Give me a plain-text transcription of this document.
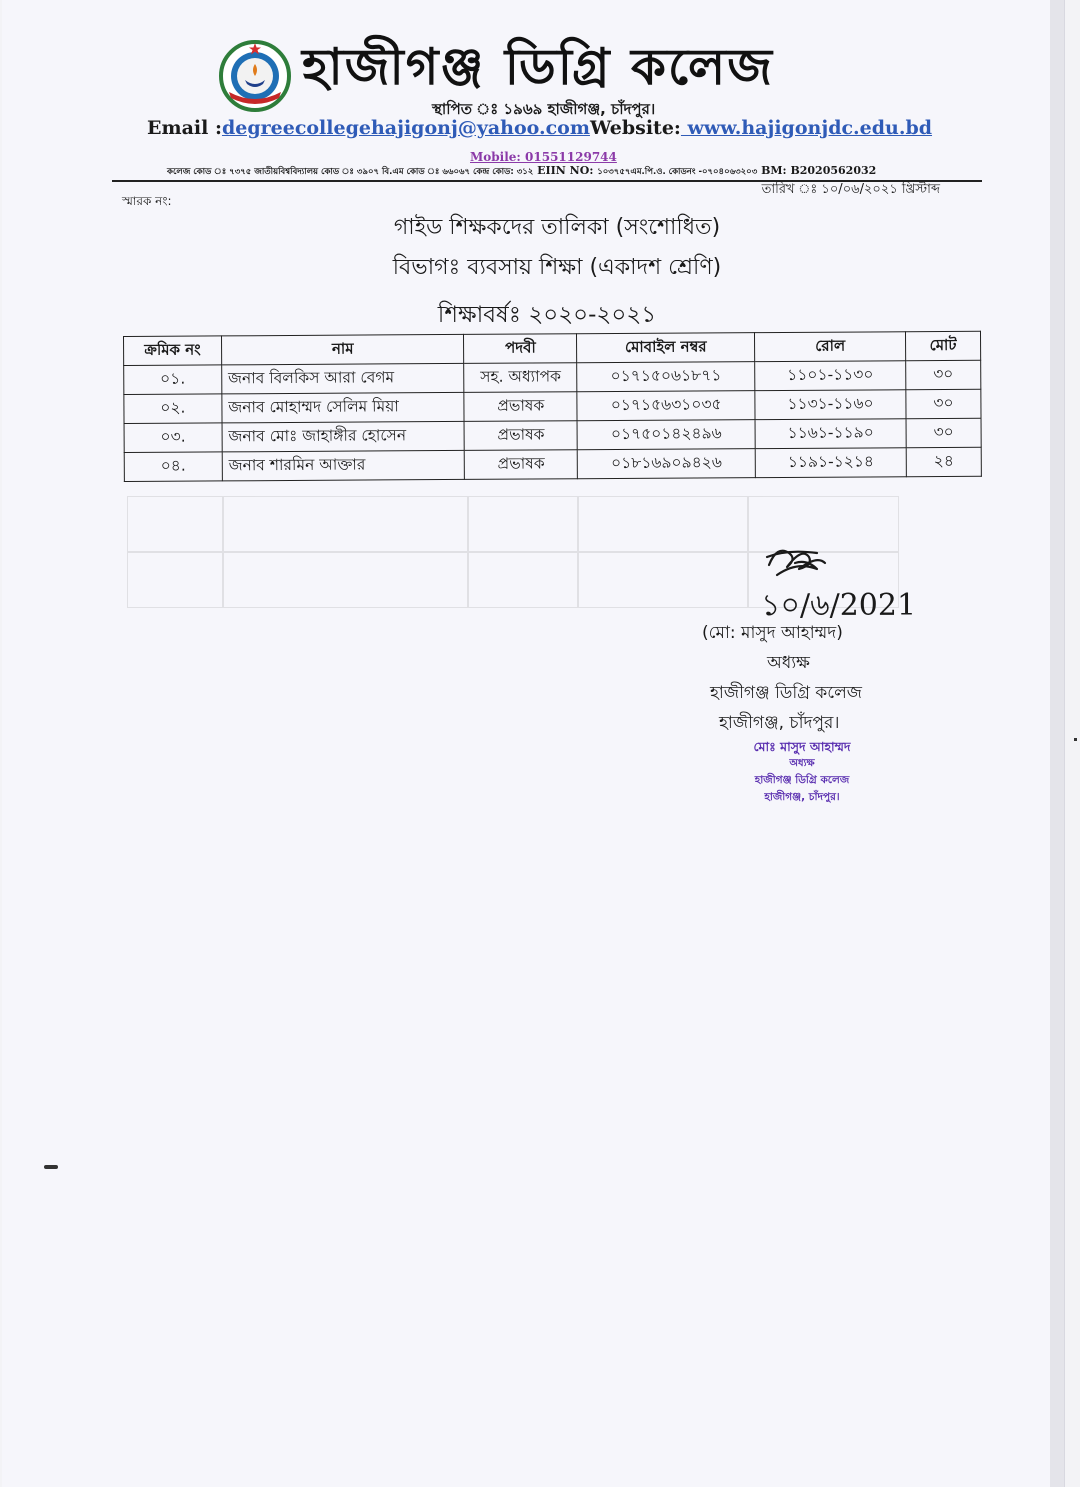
হাজীগঞ্জ ডিগ্রি কলেজ
স্থাপিত ঃ ১৯৬৯ হাজীগঞ্জ, চাঁদপুর।
Email :degreecollegehajigonj@yahoo.comWebsite: www.hajigonjdc.edu.bd
Mobile: 01551129744
কলেজ কোড ঃ ৭৩৭৫ জাতীয়বিশ্ববিদ্যালয় কোড ঃ ৩৯০৭ বি.এম কোড ঃ ৬৬০৬৭ কেন্দ্র কোড: ৩১২ EIIN NO: ১০৩৭৫৭এম.পি.ও. কোডনং -০৭০৪০৬৩২০৩ BM: B2020562032
তারিখ ঃ ১০/০৬/২০২১ খ্রিস্টাব্দ
স্মারক নং:
গাইড শিক্ষকদের তালিকা (সংশোধিত)
বিভাগঃ ব্যবসায় শিক্ষা (একাদশ শ্রেণি)
শিক্ষাবর্ষঃ ২০২০-২০২১
ক্রমিক নং	নাম	পদবী	মোবাইল নম্বর	রোল	মোট
০১.	জনাব বিলকিস আরা বেগম	সহ. অধ্যাপক	০১৭১৫০৬১৮৭১	১১০১-১১৩০	৩০
০২.	জনাব মোহাম্মদ সেলিম মিয়া	প্রভাষক	০১৭১৫৬৩১০৩৫	১১৩১-১১৬০	৩০
০৩.	জনাব মোঃ জাহাঙ্গীর হোসেন	প্রভাষক	০১৭৫০১৪২৪৯৬	১১৬১-১১৯০	৩০
০৪.	জনাব শারমিন আক্তার	প্রভাষক	০১৮১৬৯০৯৪২৬	১১৯১-১২১৪	২৪
১০/৬/2021
(মো: মাসুদ আহাম্মদ)
অধ্যক্ষ
হাজীগঞ্জ ডিগ্রি কলেজ
হাজীগঞ্জ, চাঁদপুর।
মোঃ মাসুদ আহাম্মদ
অধ্যক্ষ
হাজীগঞ্জ ডিগ্রি কলেজ
হাজীগঞ্জ, চাঁদপুর।
